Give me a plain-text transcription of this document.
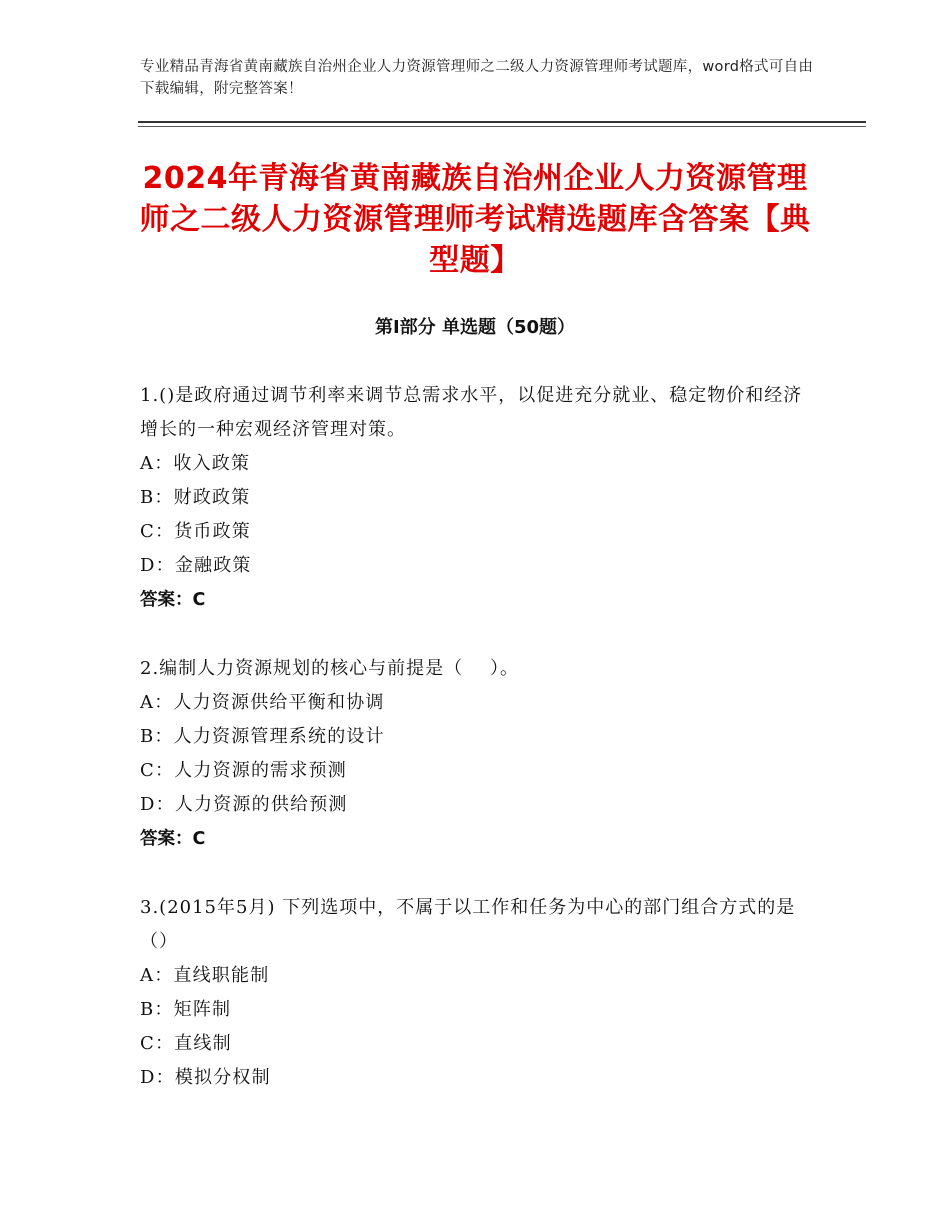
专业精品青海省黄南藏族自治州企业人力资源管理师之二级人力资源管理师考试题库，word格式可自由下载编辑，附完整答案！
2024年青海省黄南藏族自治州企业人力资源管理师之二级人力资源管理师考试精选题库含答案【典型题】
第Ⅰ部分 单选题（50题）
1.()是政府通过调节利率来调节总需求水平，以促进充分就业、稳定物价和经济增长的一种宏观经济管理对策。
A：收入政策
B：财政政策
C：货币政策
D：金融政策
答案：C
2.编制人力资源规划的核心与前提是（    ）。
A：人力资源供给平衡和协调
B：人力资源管理系统的设计
C：人力资源的需求预测
D：人力资源的供给预测
答案：C
3.(2015年5月) 下列选项中，不属于以工作和任务为中心的部门组合方式的是（）
A：直线职能制
B：矩阵制
C：直线制
D：模拟分权制
